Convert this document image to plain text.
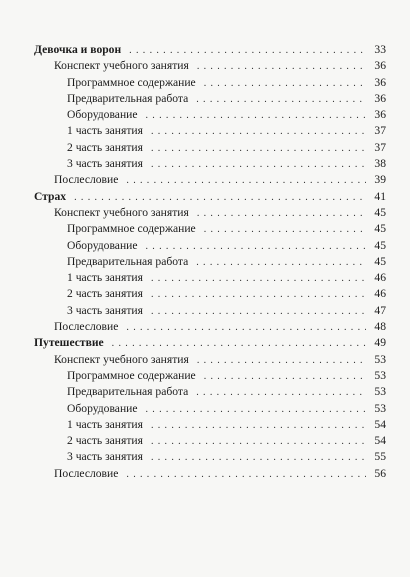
Девочка и ворон . . .	33
Конспект учебного занятия . . .	36
Программное содержание . . .	36
Предварительная работа . . .	36
Оборудование . . .	36
1 часть занятия . . .	37
2 часть занятия . . .	37
3 часть занятия . . .	38
Послесловие . . .	39
Страх . . .	41
Конспект учебного занятия . . .	45
Программное содержание . . .	45
Оборудование . . .	45
Предварительная работа . . .	45
1 часть занятия . . .	46
2 часть занятия . . .	46
3 часть занятия . . .	47
Послесловие . . .	48
Путешествие . . .	49
Конспект учебного занятия . . .	53
Программное содержание . . .	53
Предварительная работа . . .	53
Оборудование . . .	53
1 часть занятия . . .	54
2 часть занятия . . .	54
3 часть занятия . . .	55
Послесловие . . .	56
